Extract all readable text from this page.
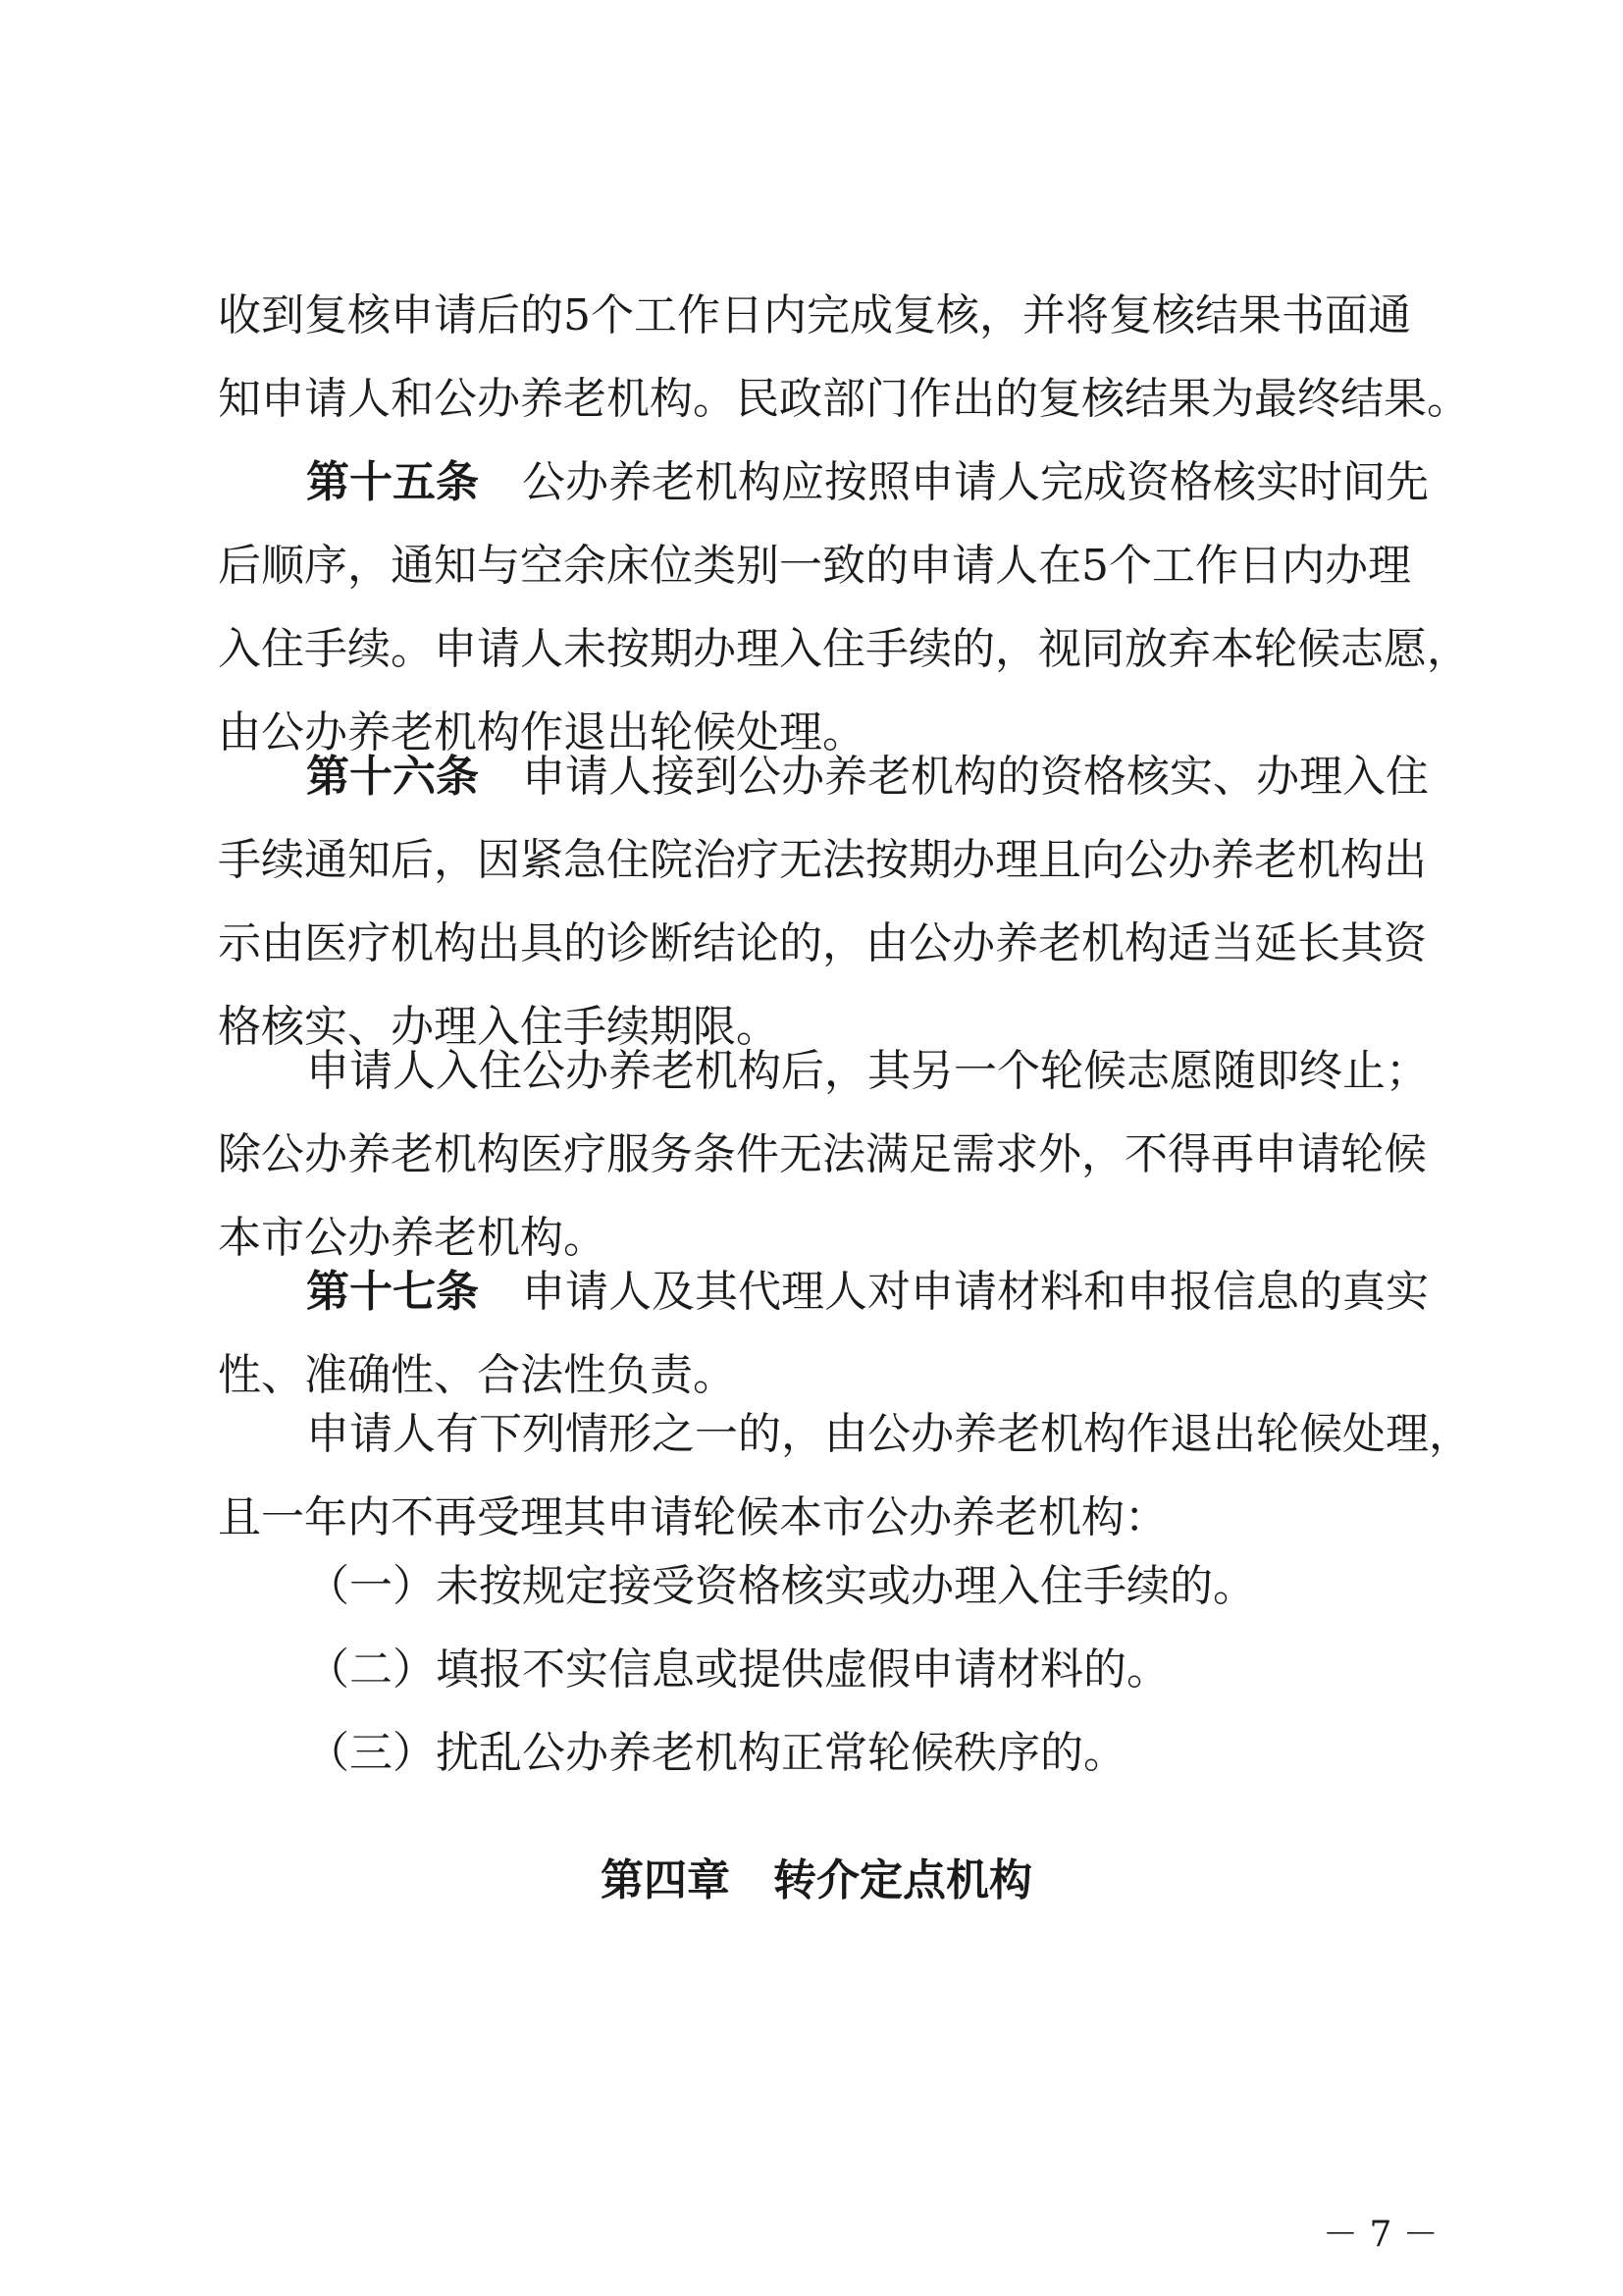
收到复核申请后的5个工作日内完成复核，并将复核结果书面通
知申请人和公办养老机构。民政部门作出的复核结果为最终结果。
第十五条 公办养老机构应按照申请人完成资格核实时间先
后顺序，通知与空余床位类别一致的申请人在5个工作日内办理
入住手续。申请人未按期办理入住手续的，视同放弃本轮候志愿，
由公办养老机构作退出轮候处理。
第十六条 申请人接到公办养老机构的资格核实、办理入住
手续通知后，因紧急住院治疗无法按期办理且向公办养老机构出
示由医疗机构出具的诊断结论的，由公办养老机构适当延长其资
格核实、办理入住手续期限。
申请人入住公办养老机构后，其另一个轮候志愿随即终止；
除公办养老机构医疗服务条件无法满足需求外，不得再申请轮候
本市公办养老机构。
第十七条 申请人及其代理人对申请材料和申报信息的真实
性、准确性、合法性负责。
申请人有下列情形之一的，由公办养老机构作退出轮候处理，
且一年内不再受理其申请轮候本市公办养老机构：
（一）未按规定接受资格核实或办理入住手续的。
（二）填报不实信息或提供虚假申请材料的。
（三）扰乱公办养老机构正常轮候秩序的。
第四章　转介定点机构
－ 7 －
